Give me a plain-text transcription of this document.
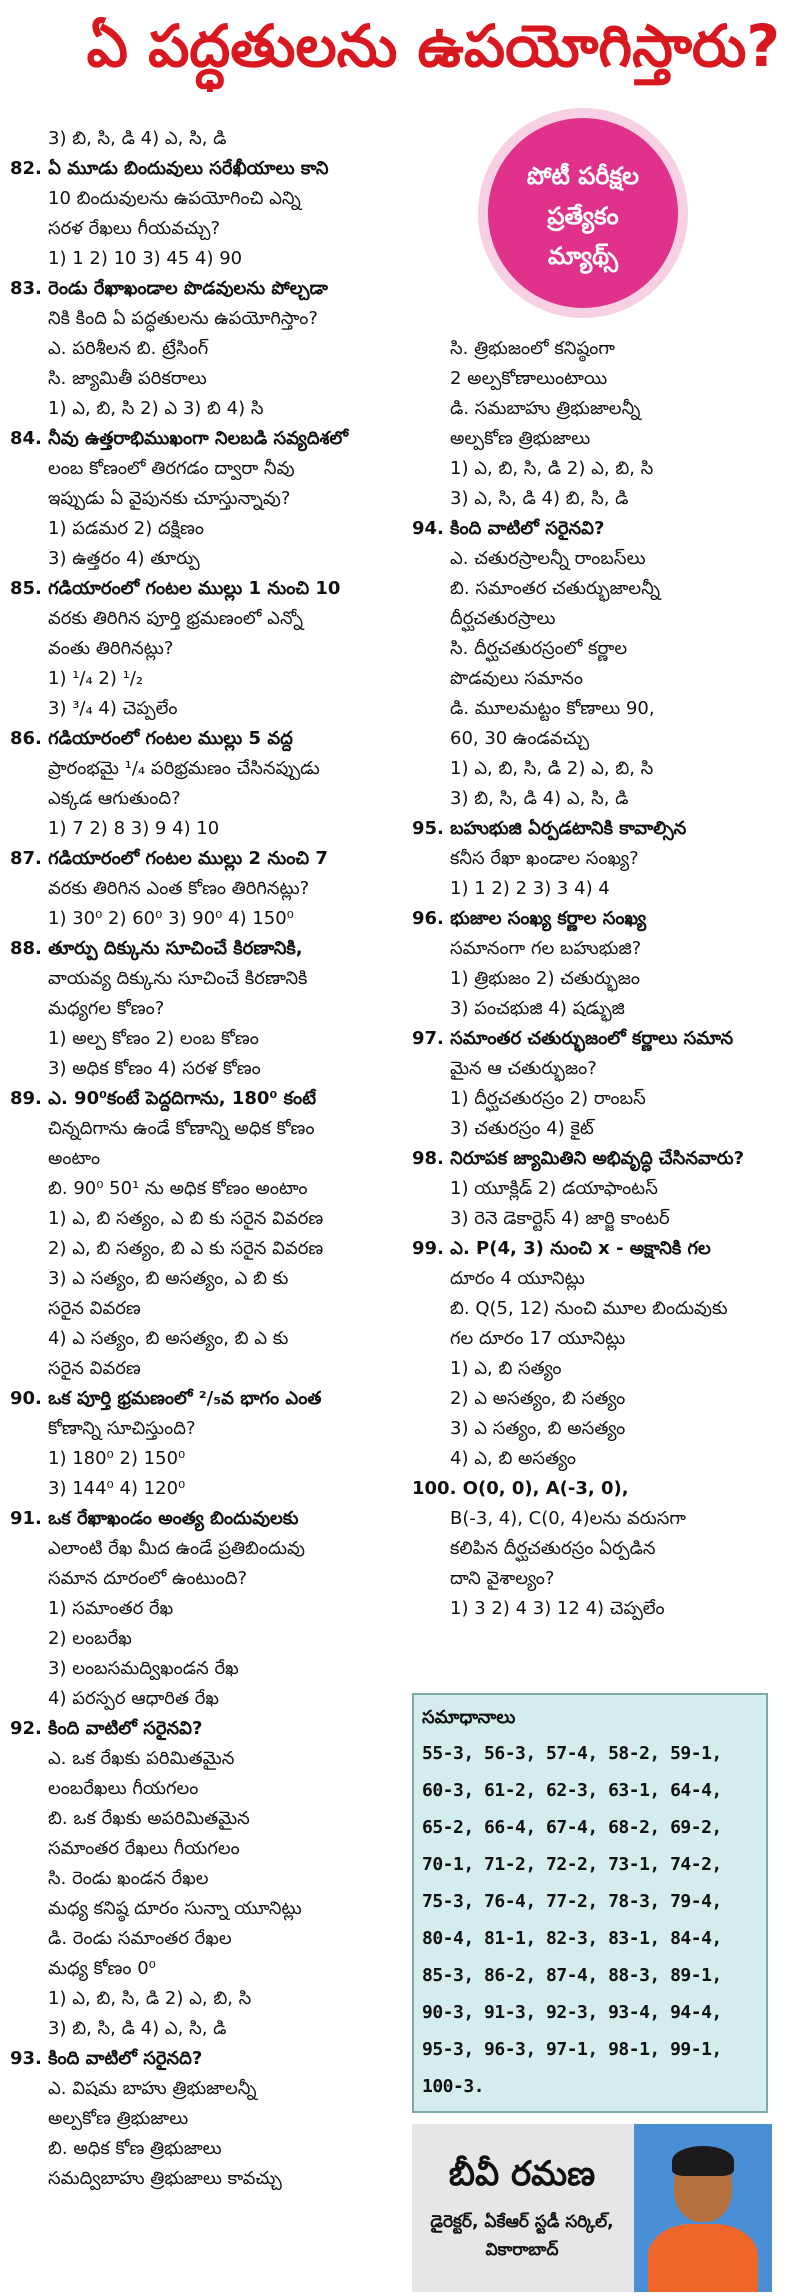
ఏ పద్ధతులను ఉపయోగిస్తారు?
పోటీ పరీక్షల
ప్రత్యేకం
మ్యాథ్స్
3) బి, సి, డి 4) ఎ, సి, డి
82. ఏ మూడు బిందువులు సరేఖీయాలు కాని
10 బిందువులను ఉపయోగించి ఎన్ని
సరళ రేఖలు గీయవచ్చు?
1) 1 2) 10 3) 45 4) 90
83. రెండు రేఖాఖండాల పొడవులను పోల్చడా
నికి కింది ఏ పద్ధతులను ఉపయోగిస్తాం?
ఎ. పరిశీలన బి. ట్రేసింగ్
సి. జ్యామితీ పరికరాలు
1) ఎ, బి, సి 2) ఎ 3) బి 4) సి
84. నీవు ఉత్తరాభిముఖంగా నిలబడి సవ్యదిశలో
లంబ కోణంలో తిరగడం ద్వారా నీవు
ఇప్పుడు ఏ వైపునకు చూస్తున్నావు?
1) పడమర 2) దక్షిణం
3) ఉత్తరం 4) తూర్పు
85. గడియారంలో గంటల ముల్లు 1 నుంచి 10
వరకు తిరిగిన పూర్తి భ్రమణంలో ఎన్నో
వంతు తిరిగినట్లు?
1) ¹/₄ 2) ¹/₂
3) ³/₄ 4) చెప్పలేం
86. గడియారంలో గంటల ముల్లు 5 వద్ద
ప్రారంభమై ¹/₄ పరిభ్రమణం చేసినప్పుడు
ఎక్కడ ఆగుతుంది?
1) 7 2) 8 3) 9 4) 10
87. గడియారంలో గంటల ముల్లు 2 నుంచి 7
వరకు తిరిగిన ఎంత కోణం తిరిగినట్లు?
1) 30⁰ 2) 60⁰ 3) 90⁰ 4) 150⁰
88. తూర్పు దిక్కును సూచించే కిరణానికి,
వాయవ్య దిక్కును సూచించే కిరణానికి
మధ్యగల కోణం?
1) అల్ప కోణం 2) లంబ కోణం
3) అధిక కోణం 4) సరళ కోణం
89. ఎ. 90⁰కంటే పెద్దదిగాను, 180⁰ కంటే
చిన్నదిగాను ఉండే కోణాన్ని అధిక కోణం
అంటాం
బి. 90⁰ 50¹ ను అధిక కోణం అంటాం
1) ఎ, బి సత్యం, ఎ బి కు సరైన వివరణ
2) ఎ, బి సత్యం, బి ఎ కు సరైన వివరణ
3) ఎ సత్యం, బి అసత్యం, ఎ బి కు
సరైన వివరణ
4) ఎ సత్యం, బి అసత్యం, బి ఎ కు
సరైన వివరణ
90. ఒక పూర్తి భ్రమణంలో ²/₅వ భాగం ఎంత
కోణాన్ని సూచిస్తుంది?
1) 180⁰ 2) 150⁰
3) 144⁰ 4) 120⁰
91. ఒక రేఖాఖండం అంత్య బిందువులకు
ఎలాంటి రేఖ మీద ఉండే ప్రతిబిందువు
సమాన దూరంలో ఉంటుంది?
1) సమాంతర రేఖ
2) లంబరేఖ
3) లంబసమద్విఖండన రేఖ
4) పరస్పర ఆధారిత రేఖ
92. కింది వాటిలో సరైనవి?
ఎ. ఒక రేఖకు పరిమితమైన
లంబరేఖలు గీయగలం
బి. ఒక రేఖకు అపరిమితమైన
సమాంతర రేఖలు గీయగలం
సి. రెండు ఖండన రేఖల
మధ్య కనిష్ఠ దూరం సున్నా యూనిట్లు
డి. రెండు సమాంతర రేఖల
మధ్య కోణం 0⁰
1) ఎ, బి, సి, డి 2) ఎ, బి, సి
3) బి, సి, డి 4) ఎ, సి, డి
93. కింది వాటిలో సరైనది?
ఎ. విషమ బాహు త్రిభుజాలన్నీ
అల్పకోణ త్రిభుజాలు
బి. అధిక కోణ త్రిభుజాలు
సమద్విబాహు త్రిభుజాలు కావచ్చు
సి. త్రిభుజంలో కనిష్ఠంగా
2 అల్పకోణాలుంటాయి
డి. సమబాహు త్రిభుజాలన్నీ
అల్పకోణ త్రిభుజాలు
1) ఎ, బి, సి, డి 2) ఎ, బి, సి
3) ఎ, సి, డి 4) బి, సి, డి
94. కింది వాటిలో సరైనవి?
ఎ. చతురస్రాలన్నీ రాంబస్‌లు
బి. సమాంతర చతుర్భుజాలన్నీ
దీర్ఘచతురస్రాలు
సి. దీర్ఘచతురస్రంలో కర్ణాల
పొడవులు సమానం
డి. మూలమట్టం కోణాలు 90,
60, 30 ఉండవచ్చు
1) ఎ, బి, సి, డి 2) ఎ, బి, సి
3) బి, సి, డి 4) ఎ, సి, డి
95. బహుభుజి ఏర్పడటానికి కావాల్సిన
కనీస రేఖా ఖండాల సంఖ్య?
1) 1 2) 2 3) 3 4) 4
96. భుజాల సంఖ్య కర్ణాల సంఖ్య
సమానంగా గల బహుభుజి?
1) త్రిభుజం 2) చతుర్భుజం
3) పంచభుజి 4) షడ్భుజి
97. సమాంతర చతుర్భుజంలో కర్ణాలు సమాన
మైన ఆ చతుర్భుజం?
1) దీర్ఘచతురస్రం 2) రాంబస్
3) చతురస్రం 4) కైట్
98. నిరూపక జ్యామితిని అభివృద్ధి చేసినవారు?
1) యూక్లిడ్ 2) డయాఫాంటస్
3) రెనె డెకార్టెస్ 4) జార్జి కాంటర్
99. ఎ. P(4, 3) నుంచి x - అక్షానికి గల
దూరం 4 యూనిట్లు
బి. Q(5, 12) నుంచి మూల బిందువుకు
గల దూరం 17 యూనిట్లు
1) ఎ, బి సత్యం
2) ఎ అసత్యం, బి సత్యం
3) ఎ సత్యం, బి అసత్యం
4) ఎ, బి అసత్యం
100. O(0, 0), A(-3, 0),
B(-3, 4), C(0, 4)లను వరుసగా
కలిపిన దీర్ఘచతురస్రం ఏర్పడిన
దాని వైశాల్యం?
1) 3 2) 4 3) 12 4) చెప్పలేం
సమాధానాలు
55-3, 56-3, 57-4, 58-2, 59-1,
60-3, 61-2, 62-3, 63-1, 64-4,
65-2, 66-4, 67-4, 68-2, 69-2,
70-1, 71-2, 72-2, 73-1, 74-2,
75-3, 76-4, 77-2, 78-3, 79-4,
80-4, 81-1, 82-3, 83-1, 84-4,
85-3, 86-2, 87-4, 88-3, 89-1,
90-3, 91-3, 92-3, 93-4, 94-4,
95-3, 96-3, 97-1, 98-1, 99-1,
100-3.
బీవీ రమణ
డైరెక్టర్, ఏకేఆర్ స్టడీ సర్కిల్,
వికారాబాద్
